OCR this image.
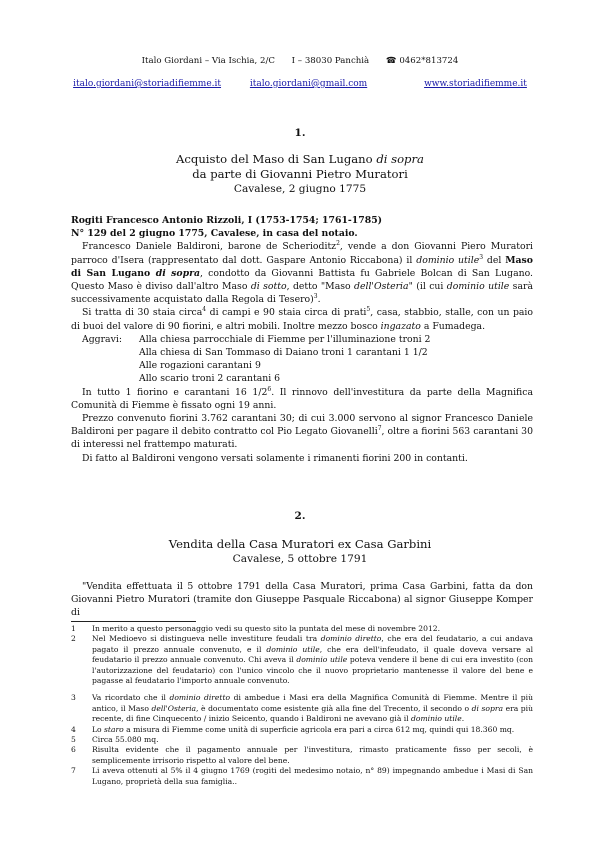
Italo Giordani – Via Ischia, 2/C I – 38030 Panchià ☎ 0462*813724
italo.giordani@storiadifiemme.it	italo.giordani@gmail.com	www.storiadifiemme.it
1.
Acquisto del Maso di San Lugano di sopra
da parte di Giovanni Pietro Muratori
Cavalese, 2 giugno 1775

Rogiti Francesco Antonio Rizzoli, I (1753-1754; 1761-1785)

N° 129 del 2 giugno 1775, Cavalese, in casa del notaio.

Francesco Daniele Baldironi, barone de Scherioditz$^2$, vende a don Giovanni Piero Muratori parroco d'Isera (rappresentato dal dott. Gaspare Antonio Riccabona) il dominio utile$^3$ del Maso di San Lugano di sopra, condotto da Giovanni Battista fu Gabriele Bolcan di San Lugano. Questo Maso è diviso dall'altro Maso di sotto, detto "Maso dell'Osteria" (il cui dominio utile sarà successivamente acquistato dalla Regola di Tesero)$^3$.

Si tratta di 30 staia circa$^4$ di campi e 90 staia circa di prati$^5$, casa, stabbio, stalle, con un paio di buoi del valore di 90 fiorini, e altri mobili. Inoltre mezzo bosco ingazato a Fumadega.

Aggravi:	Alla chiesa parrocchiale di Fiemme per l'illuminazione troni 2
Alla chiesa di San Tommaso di Daiano troni 1 carantani 1 1/2
Alle rogazioni carantani 9
Allo scario troni 2 carantani 6

In tutto 1 fiorino e carantani 16 $1/2^6$. Il rinnovo dell'investitura da parte della Magnifica Comunità di Fiemme è fissato ogni 19 anni.

Prezzo convenuto fiorini 3.762 carantani 30; di cui 3.000 servono al signor Francesco Daniele Baldironi per pagare il debito contratto col Pio Legato Giovanelli$^7$, oltre a fiorini 563 carantani 30 di interessi nel frattempo maturati.

Di fatto al Baldironi vengono versati solamente i rimanenti fiorini 200 in contanti.

2.
Vendita della Casa Muratori ex Casa Garbini
Cavalese, 5 ottobre 1791

"Vendita effettuata il 5 ottobre 1791 della Casa Muratori, prima Casa Garbini, fatta da don Giovanni Pietro Muratori (tramite don Giuseppe Pasquale Riccabona) al signor Giuseppe Komper di

1	In merito a questo personaggio vedi su questo sito la puntata del mese di novembre 2012.
2	Nel Medioevo si distingueva nelle investiture feudali tra dominio diretto, che era del feudatario, a cui andava pagato il prezzo annuale convenuto, e il dominio utile, che era dell'infeudato, il quale doveva versare al feudatario il prezzo annuale convenuto. Chi aveva il dominio utile poteva vendere il bene di cui era investito (con l'autorizzazione del feudatario) con l'unico vincolo che il nuovo proprietario mantenesse il valore del bene e pagasse al feudatario l'importo annuale convenuto.
3	Va ricordato che il dominio diretto di ambedue i Masi era della Magnifica Comunità di Fiemme. Mentre il più antico, il Maso dell'Osteria, è documentato come esistente già alla fine del Trecento, il secondo o di sopra era più recente, di fine Cinquecento / inizio Seicento, quando i Baldironi ne avevano già il dominio utile.
4	Lo staro a misura di Fiemme come unità di superficie agricola era pari a circa 612 mq, quindi qui 18.360 mq.
5	Circa 55.080 mq.
6	Risulta evidente che il pagamento annuale per l'investitura, rimasto praticamente fisso per secoli, è semplicemente irrisorio rispetto al valore del bene.
7	Li aveva ottenuti al 5% il 4 giugno 1769 (rogiti del medesimo notaio, n° 89) impegnando ambedue i Masi di San Lugano, proprietà della sua famiglia..
